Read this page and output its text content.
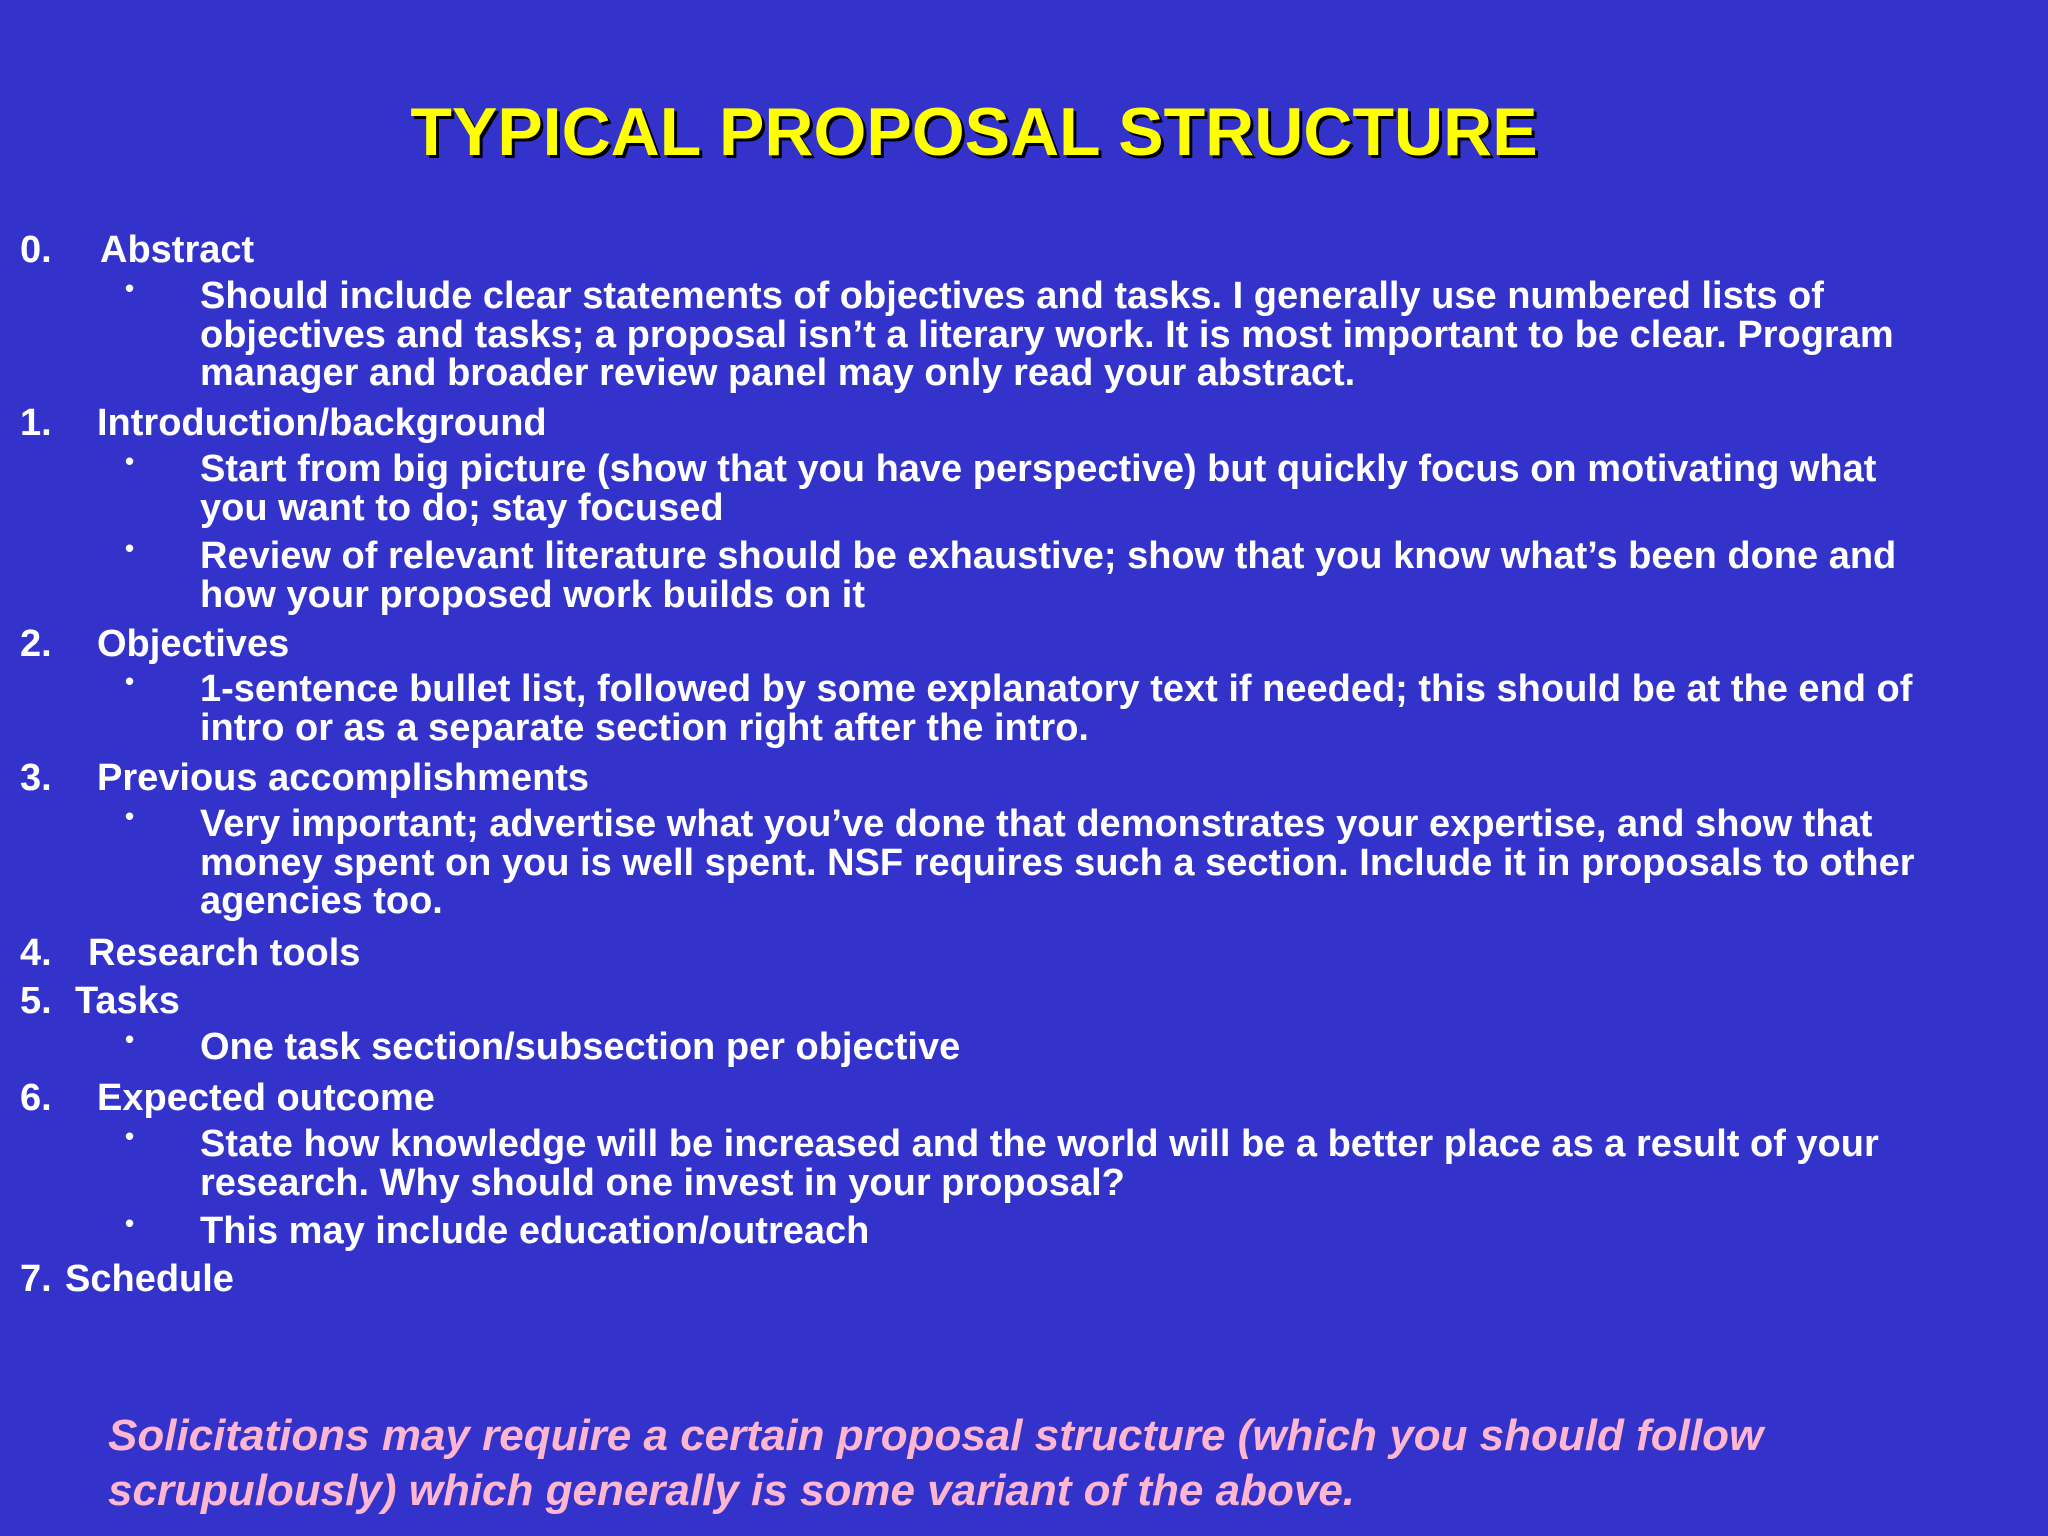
TYPICAL PROPOSAL STRUCTURE
0. Abstract
• Should include clear statements of objectives and tasks. I generally use numbered lists of
objectives and tasks; a proposal isn’t a literary work. It is most important to be clear. Program
manager and broader review panel may only read your abstract.
1. Introduction/background
• Start from big picture (show that you have perspective) but quickly focus on motivating what
you want to do; stay focused
• Review of relevant literature should be exhaustive; show that you know what’s been done and
how your proposed work builds on it
2. Objectives
• 1-sentence bullet list, followed by some explanatory text if needed; this should be at the end of
intro or as a separate section right after the intro.
3. Previous accomplishments
• Very important; advertise what you’ve done that demonstrates your expertise, and show that
money spent on you is well spent. NSF requires such a section. Include it in proposals to other
agencies too.
4. Research tools
5. Tasks
• One task section/subsection per objective
6. Expected outcome
• State how knowledge will be increased and the world will be a better place as a result of your
research. Why should one invest in your proposal?
• This may include education/outreach
7. Schedule
Solicitations may require a certain proposal structure (which you should follow
scrupulously) which generally is some variant of the above.
